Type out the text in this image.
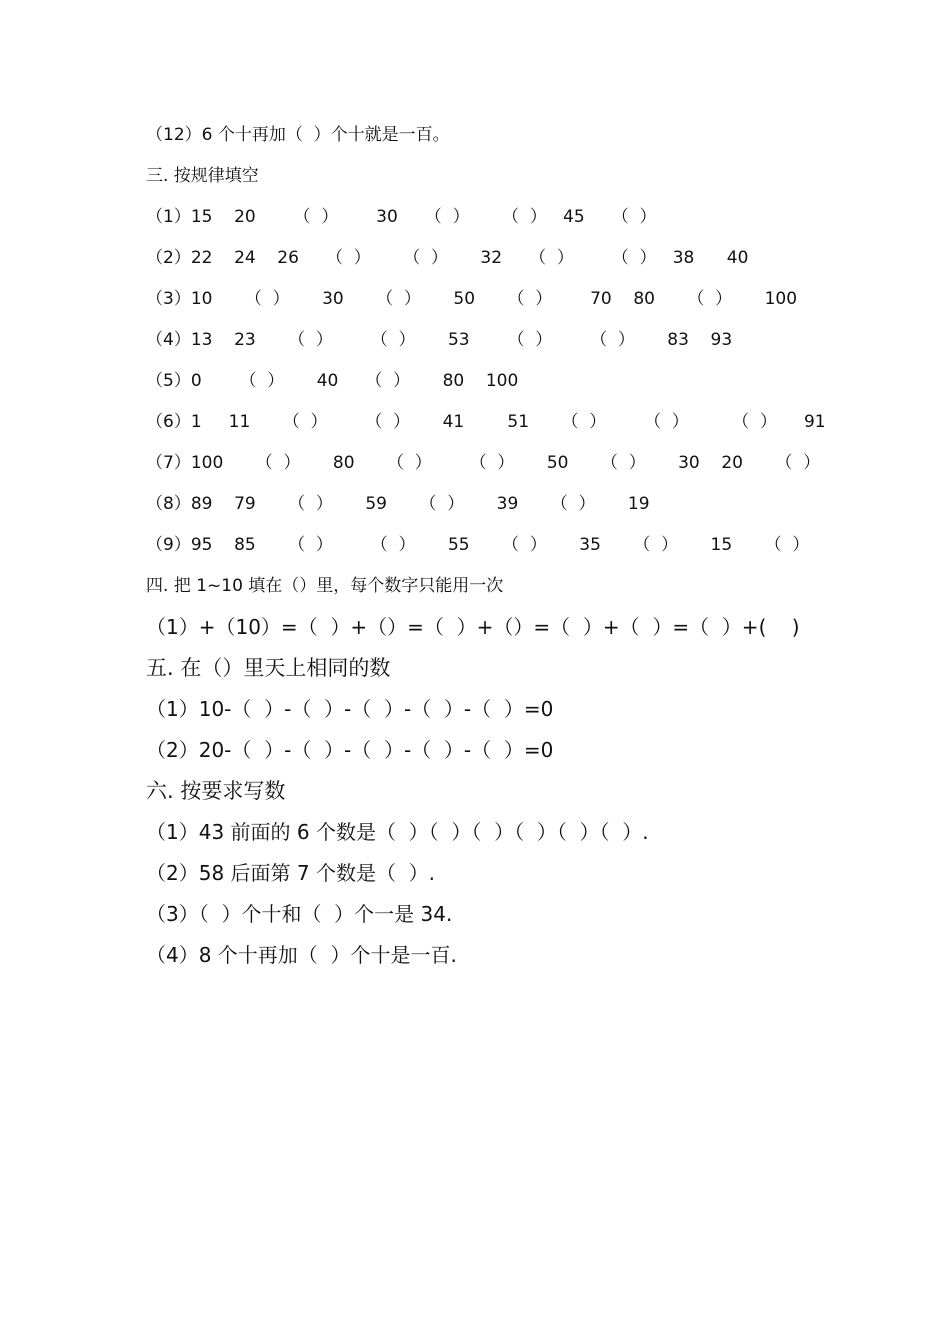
（12）6 个十再加（  ）个十就是一百。
三. 按规律填空
（1）15    20       （  ）       30     （  ）      （  ）   45     （  ）
（2）22    24    26     （  ）      （  ）      32     （  ）       （  ）   38      40
（3）10      （  ）      30      （  ）      50      （  ）       70    80      （  ）      100
（4）13    23      （  ）       （  ）      53       （  ）       （  ）      83    93
（5）0       （  ）      40     （  ）      80    100
（6）1     11      （  ）       （  ）      41        51      （  ）       （  ）        （  ）     91
（7）100      （  ）      80      （  ）       （  ）      50      （  ）      30    20      （  ）
（8）89    79      （  ）      59      （  ）      39      （  ）      19
（9）95    85      （  ）       （  ）      55      （  ）      35      （  ）      15      （  ）
四. 把 1~10 填在（）里，每个数字只能用一次
（1）+（10）=（  ）+（）=（  ）+（）=（  ）+（  ）=（  ）+(    )
五. 在（）里天上相同的数
（1）10-（  ）-（  ）-（  ）-（  ）-（  ）=0
（2）20-（  ）-（  ）-（  ）-（  ）-（  ）=0
六. 按要求写数
（1）43 前面的 6 个数是（  ）（  ）（  ）（  ）（  ）（  ）.
（2）58 后面第 7 个数是（  ）.
（3）（  ）个十和（  ）个一是 34.
（4）8 个十再加（  ）个十是一百.
